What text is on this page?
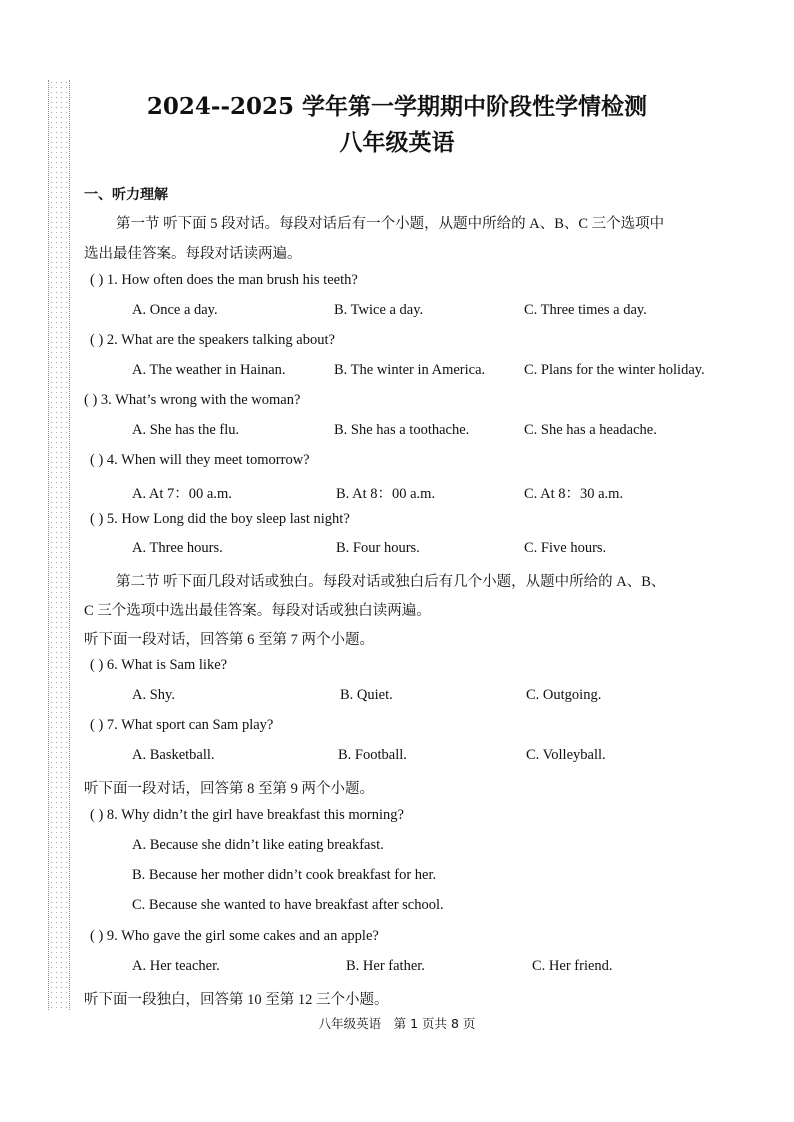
2024--2025 学年第一学期期中阶段性学情检测
八年级英语
一、听力理解
第一节 听下面 5 段对话。每段对话后有一个小题，从题中所给的 A、B、C 三个选项中
选出最佳答案。每段对话读两遍。
( ) 1. How often does the man brush his teeth?
A. Once a day.	B. Twice a day.	C. Three times a day.
( ) 2. What are the speakers talking about?
A. The weather in Hainan.	B. The winter in America.	C. Plans for the winter holiday.
( ) 3. What’s wrong with the woman?
A. She has the flu.	B. She has a toothache.	C. She has a headache.
( ) 4. When will they meet tomorrow?
A. At 7：00 a.m.	B. At 8：00 a.m.	C. At 8：30 a.m.
( ) 5. How Long did the boy sleep last night?
A. Three hours.	B. Four hours.	C. Five hours.
第二节 听下面几段对话或独白。每段对话或独白后有几个小题，从题中所给的 A、B、
C 三个选项中选出最佳答案。每段对话或独白读两遍。
听下面一段对话，回答第 6 至第 7 两个小题。
( ) 6. What is Sam like?
A. Shy.	B. Quiet.	C. Outgoing.
( ) 7. What sport can Sam play?
A. Basketball.	B. Football.	C. Volleyball.
听下面一段对话，回答第 8 至第 9 两个小题。
( ) 8. Why didn’t the girl have breakfast this morning?
A. Because she didn’t like eating breakfast.
B. Because her mother didn’t cook breakfast for her.
C. Because she wanted to have breakfast after school.
( ) 9. Who gave the girl some cakes and an apple?
A. Her teacher.	B. Her father.	C. Her friend.
听下面一段独白，回答第 10 至第 12 三个小题。
八年级英语　第 1 页共 8 页
